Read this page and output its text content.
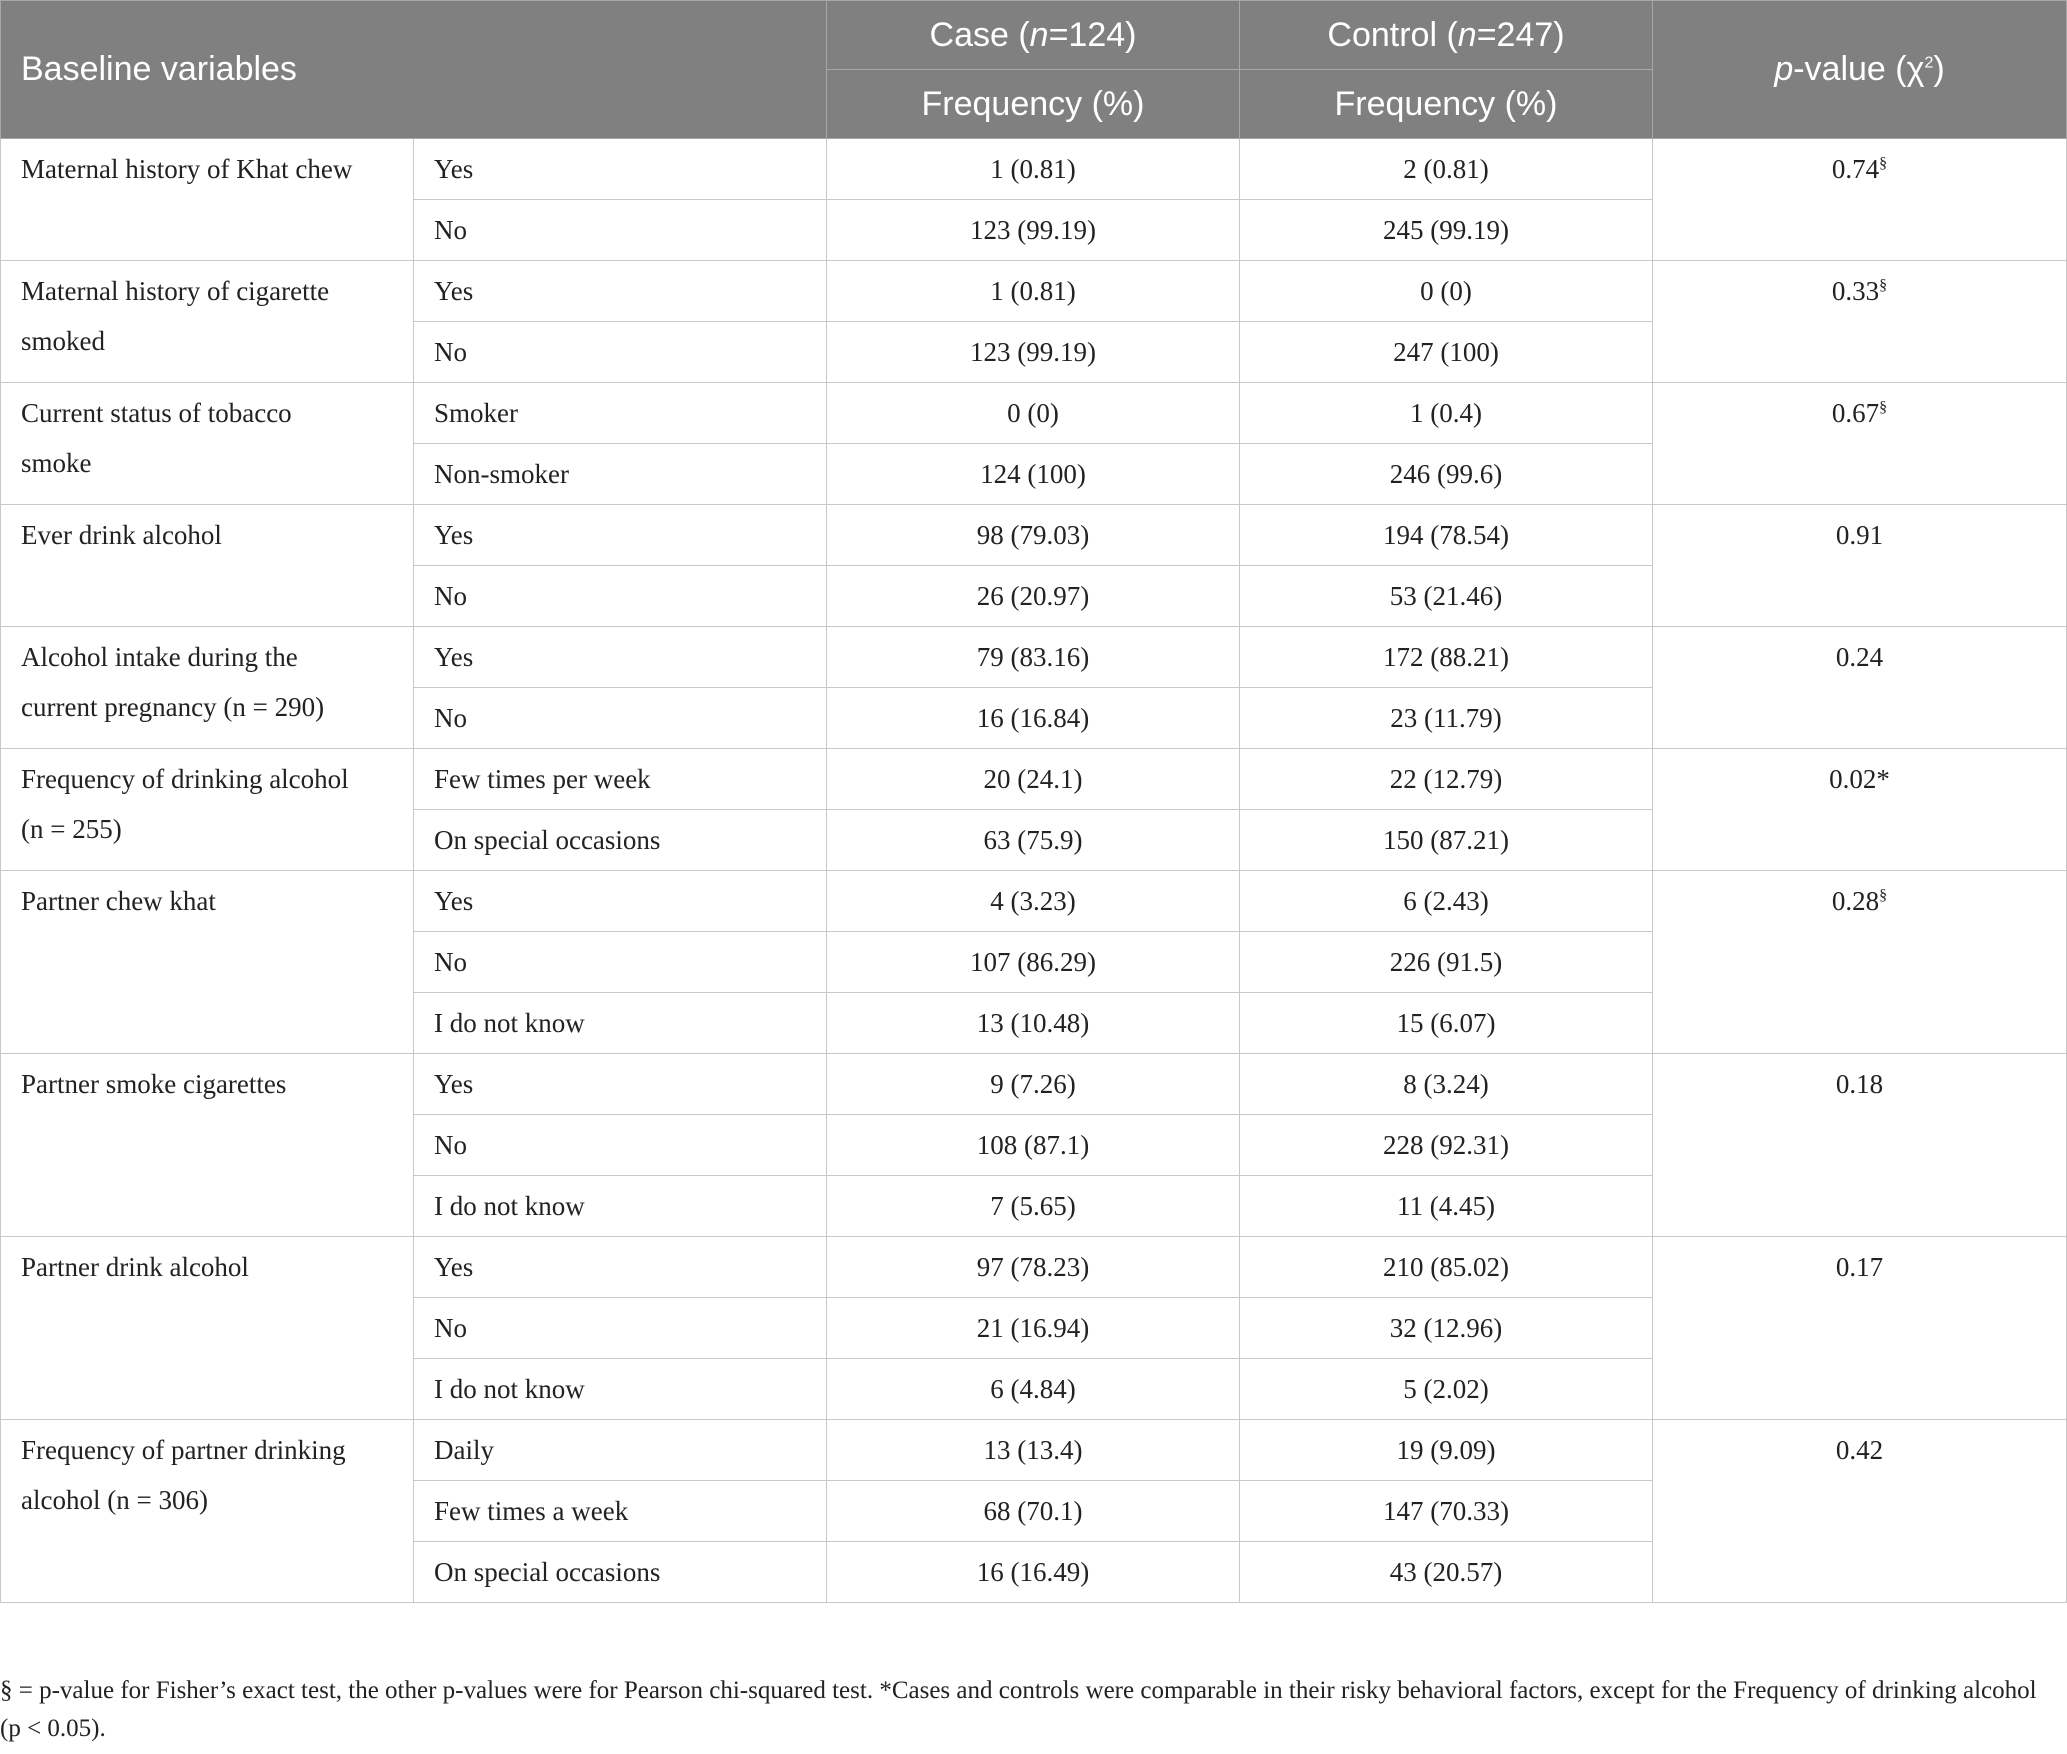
Baseline variables		Case (n=124)	Control (n=247)	p-value $(\chi^2)$
		Frequency (%)	Frequency (%)	

Maternal history of Khat chew	Yes	1 (0.81)	2 (0.81)	0.74§
	No	123 (99.19)	245 (99.19)	

Maternal history of cigarette
smoked	Yes	1 (0.81)	0 (0)	0.33§
	No	123 (99.19)	247 (100)	

Current status of tobacco
smoke	Smoker	0 (0)	1 (0.4)	0.67§
	Non-smoker	124 (100)	246 (99.6)	

Ever drink alcohol	Yes	98 (79.03)	194 (78.54)	0.91
	No	26 (20.97)	53 (21.46)	

Alcohol intake during the
current pregnancy (n = 290)	Yes	79 (83.16)	172 (88.21)	0.24
	No	16 (16.84)	23 (11.79)	

Frequency of drinking alcohol
(n = 255)	Few times per week	20 (24.1)	22 (12.79)	0.02*
	On special occasions	63 (75.9)	150 (87.21)	

Partner chew khat	Yes	4 (3.23)	6 (2.43)	0.28§
	No	107 (86.29)	226 (91.5)	
	I do not know	13 (10.48)	15 (6.07)	

Partner smoke cigarettes	Yes	9 (7.26)	8 (3.24)	0.18
	No	108 (87.1)	228 (92.31)	
	I do not know	7 (5.65)	11 (4.45)	

Partner drink alcohol	Yes	97 (78.23)	210 (85.02)	0.17
	No	21 (16.94)	32 (12.96)	
	I do not know	6 (4.84)	5 (2.02)	

Frequency of partner drinking
alcohol (n = 306)	Daily	13 (13.4)	19 (9.09)	0.42
	Few times a week	68 (70.1)	147 (70.33)	
	On special occasions	16 (16.49)	43 (20.57)	
§ = p-value for Fisher’s exact test, the other p-values were for Pearson chi-squared test. *Cases and controls were comparable in their risky behavioral factors, except for the Frequency of drinking alcohol (p < 0.05).
